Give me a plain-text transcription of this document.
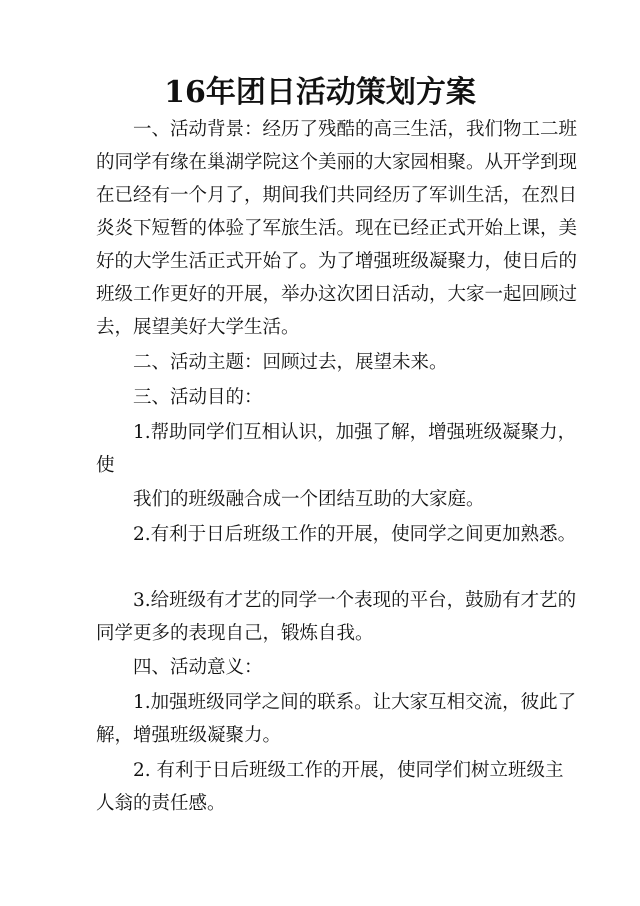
16年团日活动策划方案
一、活动背景：经历了残酷的高三生活，我们物工二班
的同学有缘在巢湖学院这个美丽的大家园相聚。从开学到现
在已经有一个月了，期间我们共同经历了军训生活，在烈日
炎炎下短暂的体验了军旅生活。现在已经正式开始上课，美
好的大学生活正式开始了。为了增强班级凝聚力，使日后的
班级工作更好的开展，举办这次团日活动，大家一起回顾过
去，展望美好大学生活。
二、活动主题：回顾过去，展望未来。
三、活动目的：
1.帮助同学们互相认识，加强了解，增强班级凝聚力，
使
我们的班级融合成一个团结互助的大家庭。
2.有利于日后班级工作的开展，使同学之间更加熟悉。
3.给班级有才艺的同学一个表现的平台，鼓励有才艺的
同学更多的表现自己，锻炼自我。
四、活动意义：
1.加强班级同学之间的联系。让大家互相交流，彼此了
解，增强班级凝聚力。
2. 有利于日后班级工作的开展，使同学们树立班级主
人翁的责任感。
